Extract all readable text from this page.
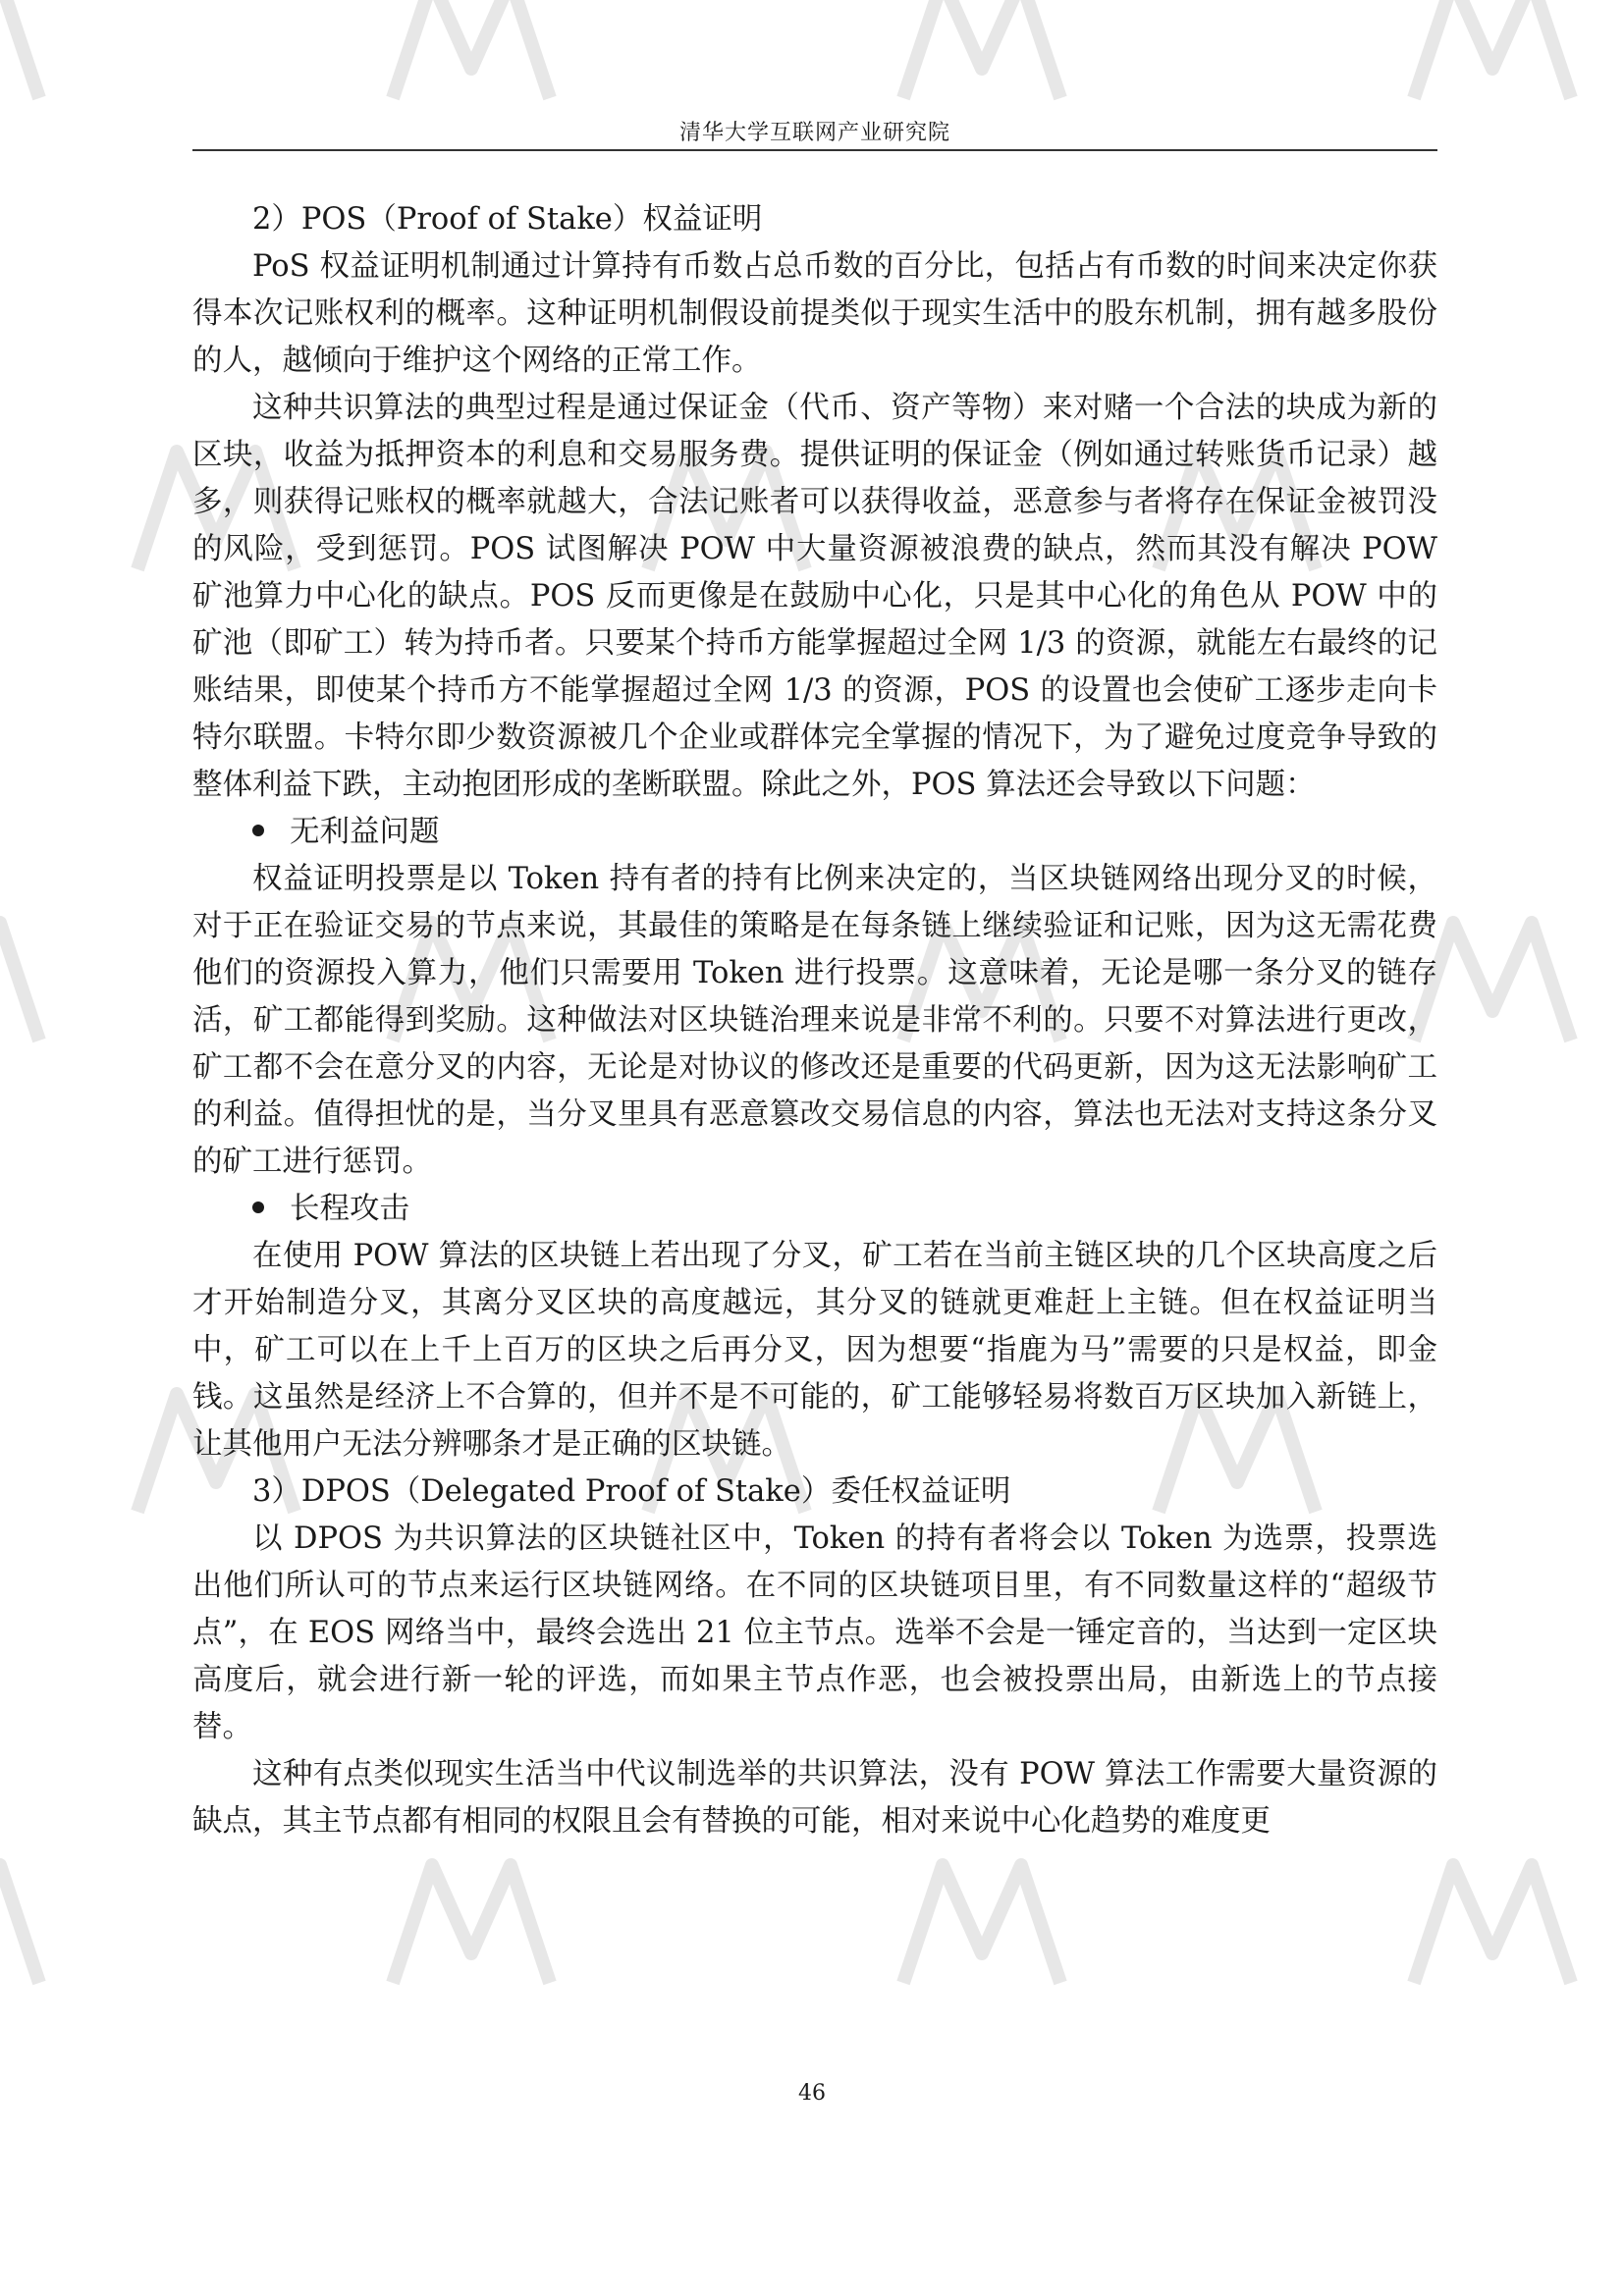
清华大学互联网产业研究院

2）POS（Proof of Stake）权益证明

PoS 权益证明机制通过计算持有币数占总币数的百分比，包括占有币数的时间来决定你获得本次记账权利的概率。这种证明机制假设前提类似于现实生活中的股东机制，拥有越多股份的人，越倾向于维护这个网络的正常工作。

这种共识算法的典型过程是通过保证金（代币、资产等物）来对赌一个合法的块成为新的区块，收益为抵押资本的利息和交易服务费。提供证明的保证金（例如通过转账货币记录）越多，则获得记账权的概率就越大，合法记账者可以获得收益，恶意参与者将存在保证金被罚没的风险，受到惩罚。POS 试图解决 POW 中大量资源被浪费的缺点，然而其没有解决 POW 矿池算力中心化的缺点。POS 反而更像是在鼓励中心化，只是其中心化的角色从 POW 中的矿池（即矿工）转为持币者。只要某个持币方能掌握超过全网 1/3 的资源，就能左右最终的记账结果，即使某个持币方不能掌握超过全网 1/3 的资源，POS 的设置也会使矿工逐步走向卡特尔联盟。卡特尔即少数资源被几个企业或群体完全掌握的情况下，为了避免过度竞争导致的整体利益下跌，主动抱团形成的垄断联盟。除此之外，POS 算法还会导致以下问题：

无利益问题

权益证明投票是以 Token 持有者的持有比例来决定的，当区块链网络出现分叉的时候，对于正在验证交易的节点来说，其最佳的策略是在每条链上继续验证和记账，因为这无需花费他们的资源投入算力，他们只需要用 Token 进行投票。这意味着，无论是哪一条分叉的链存活，矿工都能得到奖励。这种做法对区块链治理来说是非常不利的。只要不对算法进行更改，矿工都不会在意分叉的内容，无论是对协议的修改还是重要的代码更新，因为这无法影响矿工的利益。值得担忧的是，当分叉里具有恶意篡改交易信息的内容，算法也无法对支持这条分叉的矿工进行惩罚。

长程攻击

在使用 POW 算法的区块链上若出现了分叉，矿工若在当前主链区块的几个区块高度之后才开始制造分叉，其离分叉区块的高度越远，其分叉的链就更难赶上主链。但在权益证明当中，矿工可以在上千上百万的区块之后再分叉，因为想要“指鹿为马”需要的只是权益，即金钱。这虽然是经济上不合算的，但并不是不可能的，矿工能够轻易将数百万区块加入新链上，让其他用户无法分辨哪条才是正确的区块链。

3）DPOS（Delegated Proof of Stake）委任权益证明

以 DPOS 为共识算法的区块链社区中，Token 的持有者将会以 Token 为选票，投票选出他们所认可的节点来运行区块链网络。在不同的区块链项目里，有不同数量这样的“超级节点”，在 EOS 网络当中，最终会选出 21 位主节点。选举不会是一锤定音的，当达到一定区块高度后，就会进行新一轮的评选，而如果主节点作恶，也会被投票出局，由新选上的节点接替。

这种有点类似现实生活当中代议制选举的共识算法，没有 POW 算法工作需要大量资源的缺点，其主节点都有相同的权限且会有替换的可能，相对来说中心化趋势的难度更

46
